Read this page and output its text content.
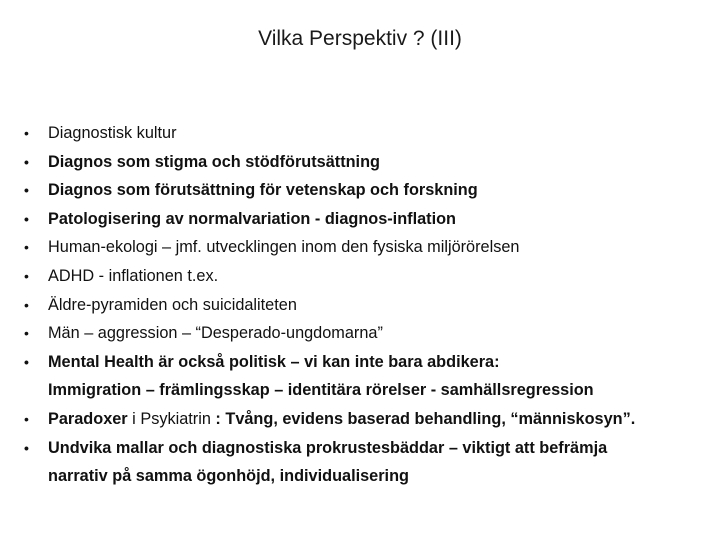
Vilka Perspektiv ? (III)
• Diagnostisk kultur
• Diagnos som stigma och stödförutsättning
• Diagnos som förutsättning för vetenskap och forskning
• Patologisering av normalvariation - diagnos-inflation
• Human-ekologi – jmf. utvecklingen inom den fysiska miljörörelsen
• ADHD - inflationen t.ex.
• Äldre-pyramiden och suicidaliteten
• Män – aggression – “Desperado-ungdomarna”
• Mental Health är också politisk – vi kan inte bara abdikera:
Immigration – främlingsskap – identitära rörelser - samhällsregression
• Paradoxer i Psykiatrin : Tvång, evidens baserad behandling, “människosyn”.
• Undvika mallar och diagnostiska prokrustesbäddar – viktigt att befrämja
narrativ på samma ögonhöjd, individualisering
